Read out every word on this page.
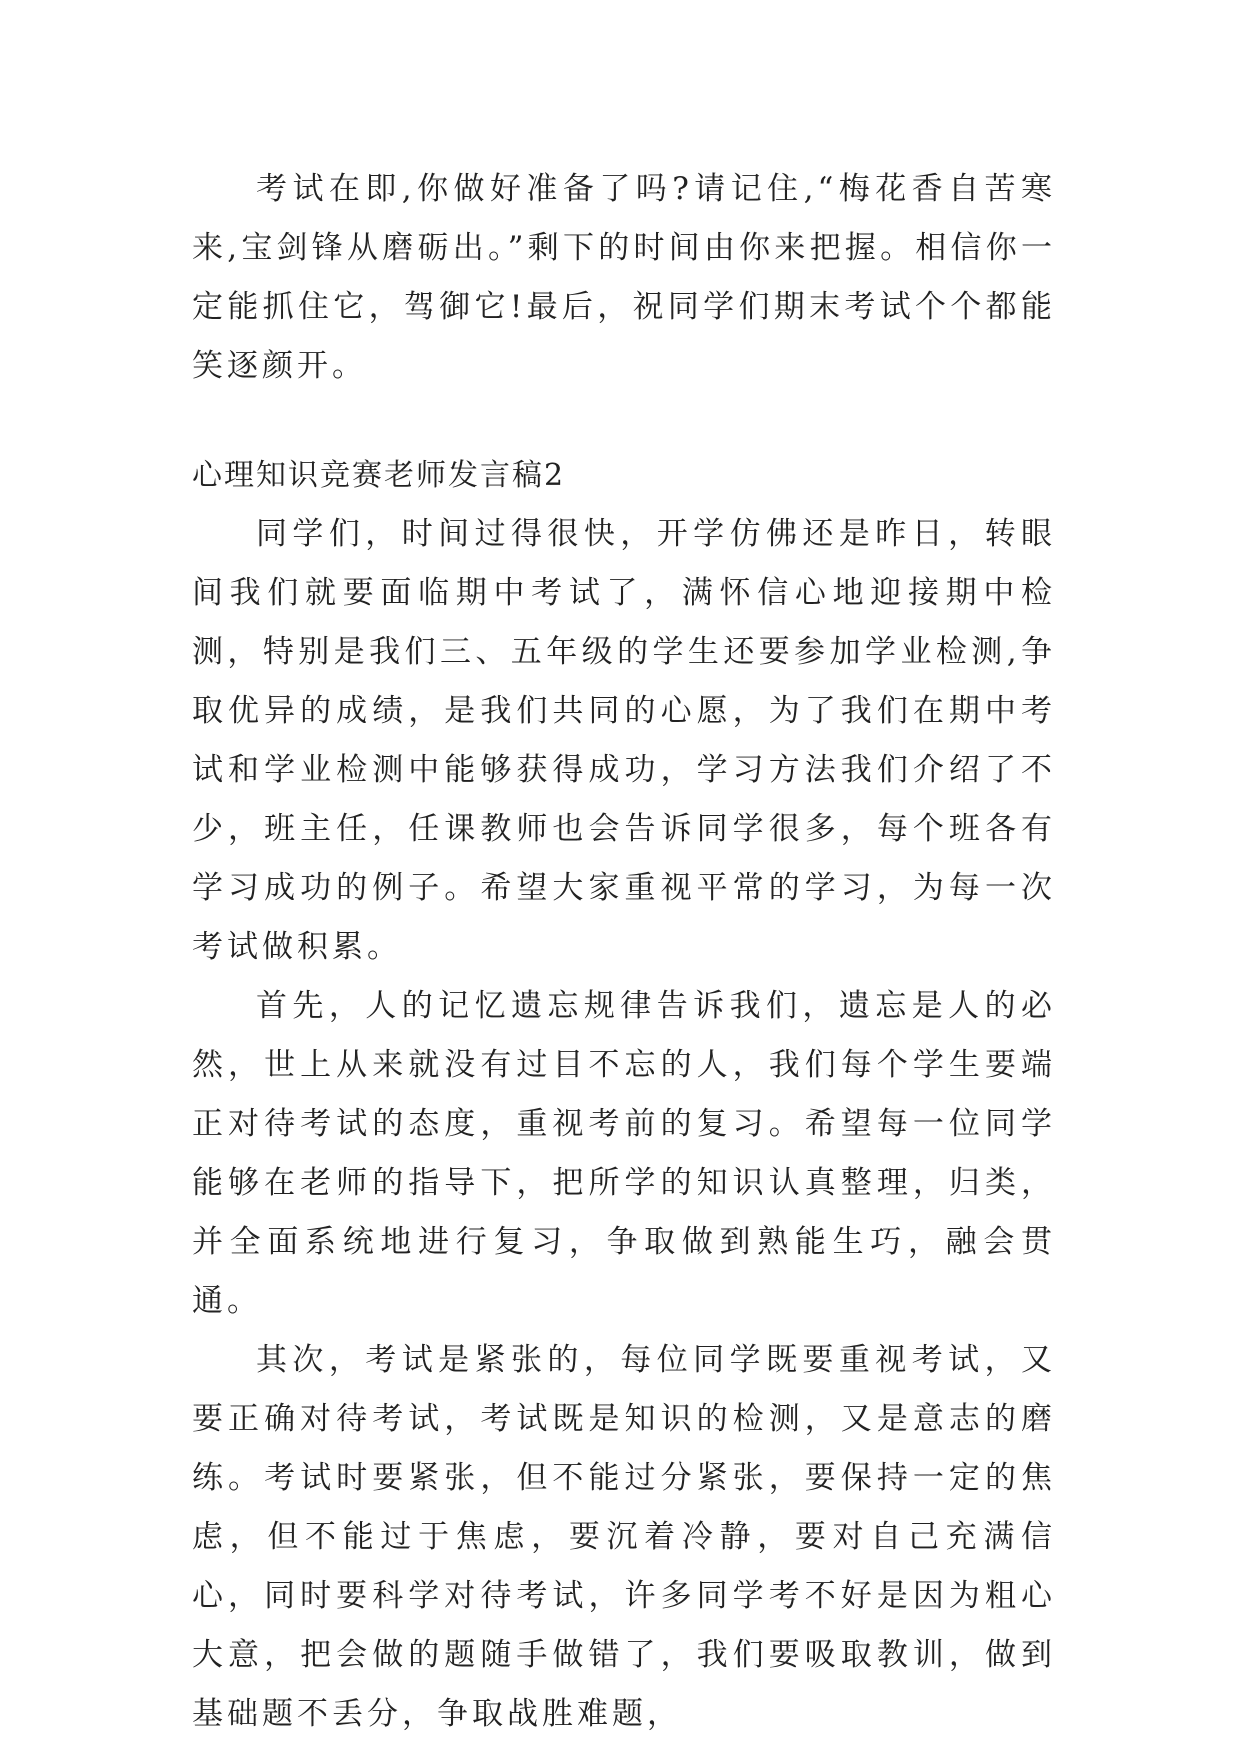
考试在即,你做好准备了吗?请记住,“梅花香自苦寒来,宝剑锋从磨砺出。”剩下的时间由你来把握。相信你一定能抓住它，驾御它!最后，祝同学们期末考试个个都能笑逐颜开。

心理知识竞赛老师发言稿2

同学们，时间过得很快，开学仿佛还是昨日，转眼间我们就要面临期中考试了，满怀信心地迎接期中检测，特别是我们三、五年级的学生还要参加学业检测,争取优异的成绩，是我们共同的心愿，为了我们在期中考试和学业检测中能够获得成功，学习方法我们介绍了不少，班主任，任课教师也会告诉同学很多，每个班各有学习成功的例子。希望大家重视平常的学习，为每一次考试做积累。

首先，人的记忆遗忘规律告诉我们，遗忘是人的必然，世上从来就没有过目不忘的人，我们每个学生要端正对待考试的态度，重视考前的复习。希望每一位同学能够在老师的指导下，把所学的知识认真整理，归类，并全面系统地进行复习，争取做到熟能生巧，融会贯通。

其次，考试是紧张的，每位同学既要重视考试，又要正确对待考试，考试既是知识的检测，又是意志的磨练。考试时要紧张，但不能过分紧张，要保持一定的焦虑，但不能过于焦虑，要沉着冷静，要对自己充满信心，同时要科学对待考试，许多同学考不好是因为粗心大意，把会做的题随手做错了，我们要吸取教训，做到基础题不丢分，争取战胜难题，
